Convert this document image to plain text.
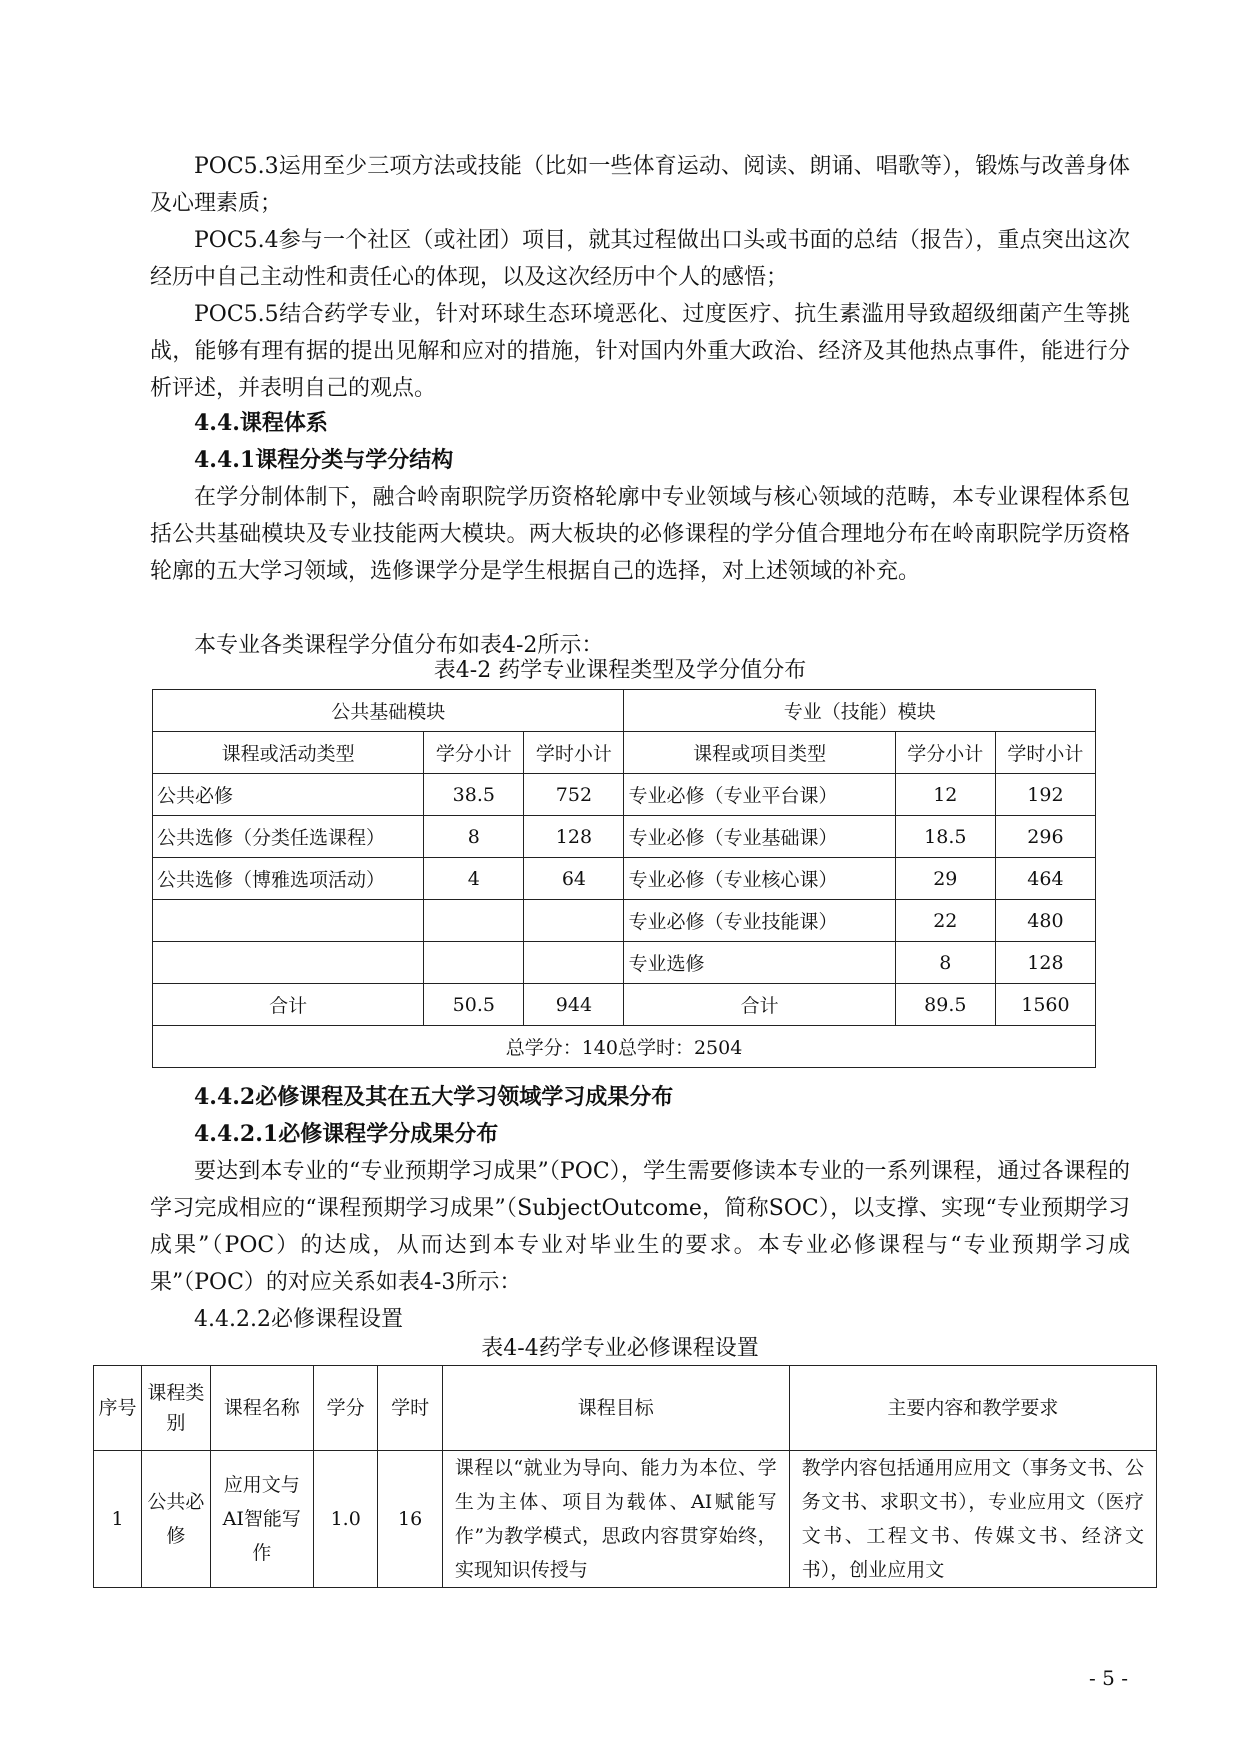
POC5.3运用至少三项方法或技能（比如一些体育运动、阅读、朗诵、唱歌等），锻炼与改善身体及心理素质；

POC5.4参与一个社区（或社团）项目，就其过程做出口头或书面的总结（报告），重点突出这次经历中自己主动性和责任心的体现，以及这次经历中个人的感悟；

POC5.5结合药学专业，针对环球生态环境恶化、过度医疗、抗生素滥用导致超级细菌产生等挑战，能够有理有据的提出见解和应对的措施，针对国内外重大政治、经济及其他热点事件，能进行分析评述，并表明自己的观点。

4.4.课程体系

4.4.1课程分类与学分结构

在学分制体制下，融合岭南职院学历资格轮廓中专业领域与核心领域的范畴，本专业课程体系包括公共基础模块及专业技能两大模块。两大板块的必修课程的学分值合理地分布在岭南职院学历资格轮廓的五大学习领域，选修课学分是学生根据自己的选择，对上述领域的补充。

本专业各类课程学分值分布如表4-2所示：

表4-2 药学专业课程类型及学分值分布

公共基础模块			专业（技能）模块		
课程或活动类型	学分小计	学时小计	课程或项目类型	学分小计	学时小计
公共必修	38.5	752	专业必修（专业平台课）	12	192
公共选修（分类任选课程）	8	128	专业必修（专业基础课）	18.5	296
公共选修（博雅选项活动）	4	64	专业必修（专业核心课）	29	464
			专业必修（专业技能课）	22	480
			专业选修	8	128
合计	50.5	944	合计	89.5	1560
总学分：140总学时：2504					

4.4.2必修课程及其在五大学习领域学习成果分布

4.4.2.1必修课程学分成果分布

要达到本专业的“专业预期学习成果”（POC），学生需要修读本专业的一系列课程，通过各课程的学习完成相应的“课程预期学习成果”（SubjectOutcome，简称SOC），以支撑、实现“专业预期学习成果”（POC）的达成，从而达到本专业对毕业生的要求。本专业必修课程与“专业预期学习成果”（POC）的对应关系如表4-3所示：

4.4.2.2必修课程设置

表4-4药学专业必修课程设置

序号	课程类别	课程名称	学分	学时	课程目标	主要内容和教学要求
1	公共必修	应用文与AI智能写作	1.0	16	课程以“就业为导向、能力为本位、学生为主体、项目为载体、AI赋能写作”为教学模式，思政内容贯穿始终，实现知识传授与	教学内容包括通用应用文（事务文书、公务文书、求职文书），专业应用文（医疗文书、工程文书、传媒文书、经济文书），创业应用文

- 5 -
